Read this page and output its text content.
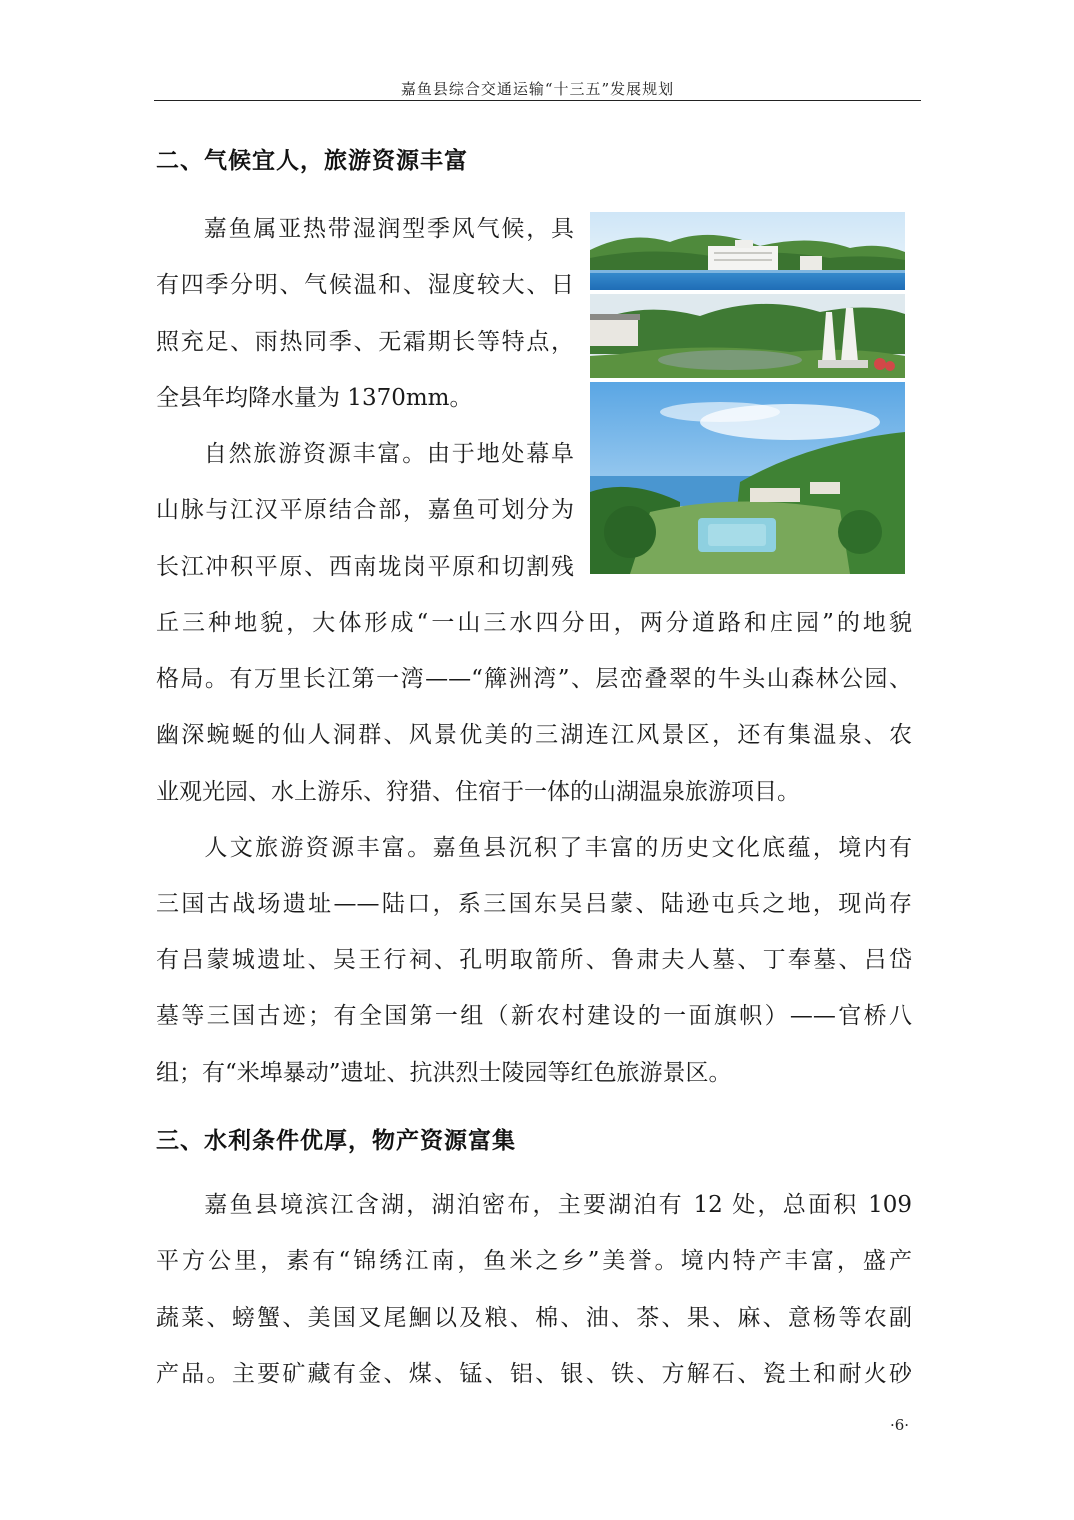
嘉鱼县综合交通运输“十三五”发展规划
二、气候宜人，旅游资源丰富
嘉鱼属亚热带湿润型季风气候，具
有四季分明、气候温和、湿度较大、日
照充足、雨热同季、无霜期长等特点，
全县年均降水量为 1370mm。
自然旅游资源丰富。由于地处幕阜
山脉与江汉平原结合部，嘉鱼可划分为
长江冲积平原、西南垅岗平原和切割残
丘三种地貌，大体形成“一山三水四分田，两分道路和庄园”的地貌
格局。有万里长江第一湾——“簰洲湾”、层峦叠翠的牛头山森林公园、
幽深蜿蜒的仙人洞群、风景优美的三湖连江风景区，还有集温泉、农
业观光园、水上游乐、狩猎、住宿于一体的山湖温泉旅游项目。
人文旅游资源丰富。嘉鱼县沉积了丰富的历史文化底蕴，境内有
三国古战场遗址——陆口，系三国东吴吕蒙、陆逊屯兵之地，现尚存
有吕蒙城遗址、吴王行祠、孔明取箭所、鲁肃夫人墓、丁奉墓、吕岱
墓等三国古迹；有全国第一组（新农村建设的一面旗帜）——官桥八
组；有“米埠暴动”遗址、抗洪烈士陵园等红色旅游景区。
三、水利条件优厚，物产资源富集
嘉鱼县境滨江含湖，湖泊密布，主要湖泊有 12 处，总面积 109
平方公里，素有“锦绣江南，鱼米之乡”美誉。境内特产丰富，盛产
蔬菜、螃蟹、美国叉尾鮰以及粮、棉、油、茶、果、麻、意杨等农副
产品。主要矿藏有金、煤、锰、铝、银、铁、方解石、瓷土和耐火砂
·6·
